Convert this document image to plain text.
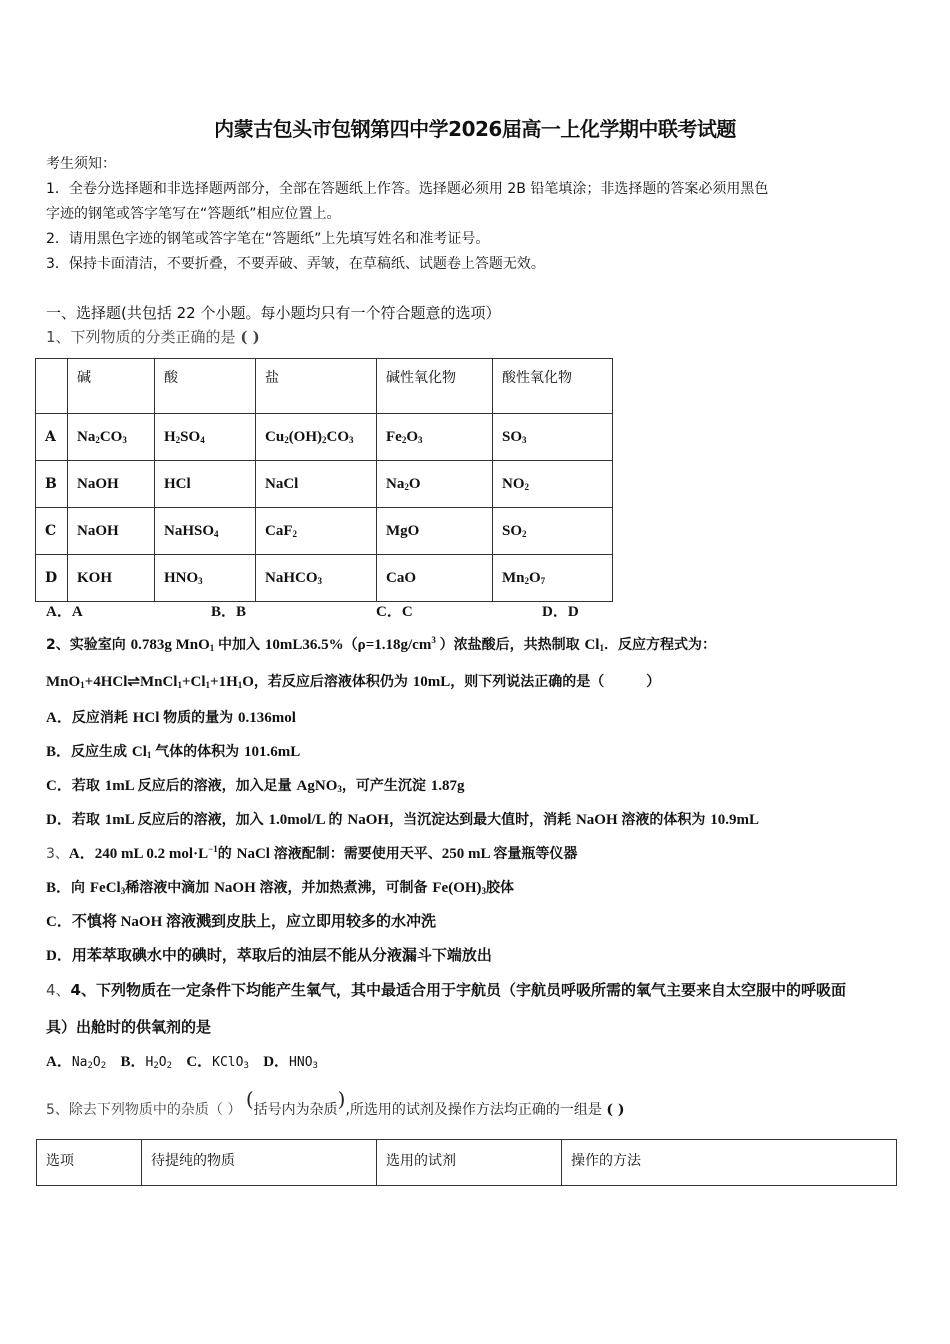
内蒙古包头市包钢第四中学2026届高一上化学期中联考试题
考生须知：
1．全卷分选择题和非选择题两部分，全部在答题纸上作答。选择题必须用 2B 铅笔填涂；非选择题的答案必须用黑色
字迹的钢笔或答字笔写在“答题纸”相应位置上。
2．请用黑色字迹的钢笔或答字笔在“答题纸”上先填写姓名和准考证号。
3．保持卡面清洁，不要折叠，不要弄破、弄皱，在草稿纸、试题卷上答题无效。
一、选择题(共包括 22 个小题。每小题均只有一个符合题意的选项）
1、下列物质的分类正确的是 ( )
	碱	酸	盐	碱性氧化物	酸性氧化物
A	$Na_2CO_3$	$H_2SO_4$	$Cu_2(OH)_2CO_3$	$Fe_2O_3$	$SO_3$
B	NaOH	HCl	NaCl	$Na_2O$	$NO_2$
C	NaOH	NaHSO$_4$	CaF$_2$	MgO	$SO_2$
D	KOH	$HNO_3$	NaHCO$_3$	CaO	$Mn_2O_7$
A．A	B．B	C．C	D．D
2、实验室向 0.783g MnO$_1$ 中加入 $10mL36.5\%(\rho=1.18g/cm^3$ ）浓盐酸后，共热制取 $Cl_1$．反应方程式为：
$MnO_1+4HCl\rightleftharpoons MnCl_1+Cl_1+1H_1O$，若反应后溶液体积仍为 10mL，则下列说法正确的是（　　　）
A．反应消耗 HCl 物质的量为 0.136mol
B．反应生成 $Cl_1$ 气体的体积为 101.6mL
C．若取 1mL 反应后的溶液，加入足量 AgNO$_3$，可产生沉淀 1.87g
D．若取 1mL 反应后的溶液，加入 1.0mol/L 的 NaOH，当沉淀达到最大值时，消耗 NaOH 溶液的体积为 10.9mL
3、A．240 mL 0.2 $mol\cdot L^{-1}$的 NaCl 溶液配制：需要使用天平、250 mL 容量瓶等仪器
B．向 FeCl$_3$稀溶液中滴加 NaOH 溶液，并加热煮沸，可制备 $Fe(OH)_3$胶体
C．不慎将 NaOH 溶液溅到皮肤上，应立即用较多的水冲洗
D．用苯萃取碘水中的碘时，萃取后的油层不能从分液漏斗下端放出
4、4、下列物质在一定条件下均能产生氧气，其中最适合用于宇航员（宇航员呼吸所需的氧气主要来自太空服中的呼吸面
具）出舱时的供氧剂的是
A．$Na_2O_2$ B．$H_2O_2$ C．KClO$_3$ D．$HNO_3$
5、除去下列物质中的杂质（ ） (括号内为杂质),所选用的试剂及操作方法均正确的一组是 ( )
选项	待提纯的物质	选用的试剂	操作的方法
